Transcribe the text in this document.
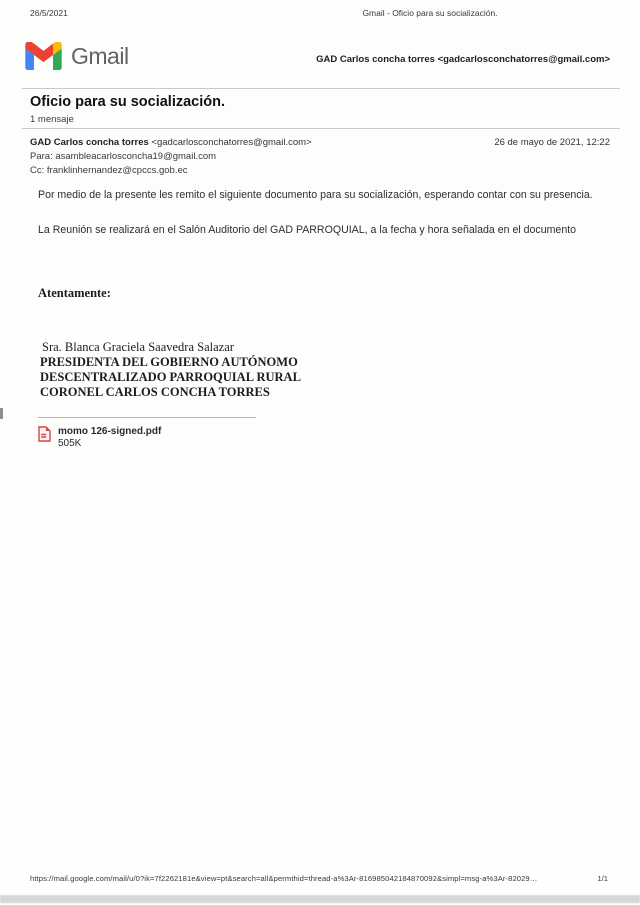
26/5/2021	Gmail - Oficio para su socialización.
Gmail	GAD Carlos concha torres <gadcarlosconchatorres@gmail.com>
Oficio para su socialización.
1 mensaje
GAD Carlos concha torres <gadcarlosconchatorres@gmail.com>	26 de mayo de 2021, 12:22
Para: asambleacarlosconcha19@gmail.com
Cc: franklinhernandez@cpccs.gob.ec

Por medio de la presente les remito el siguiente documento para su socialización, esperando contar con su presencia.

La Reunión se realizará en el Salón Auditorio del GAD PARROQUIAL, a la fecha y hora señalada en el documento

Atentamente:
Sra. Blanca Graciela Saavedra Salazar
PRESIDENTA DEL GOBIERNO AUTÓNOMO
DESCENTRALIZADO PARROQUIAL RURAL
CORONEL CARLOS CONCHA TORRES
momo 126-signed.pdf
505K
https://mail.google.com/mail/u/0?ik=7f2262181e&view=pt&search=all&permthid=thread-a%3Ar-816985042184870092&simpl=msg-a%3Ar-82029…	1/1
